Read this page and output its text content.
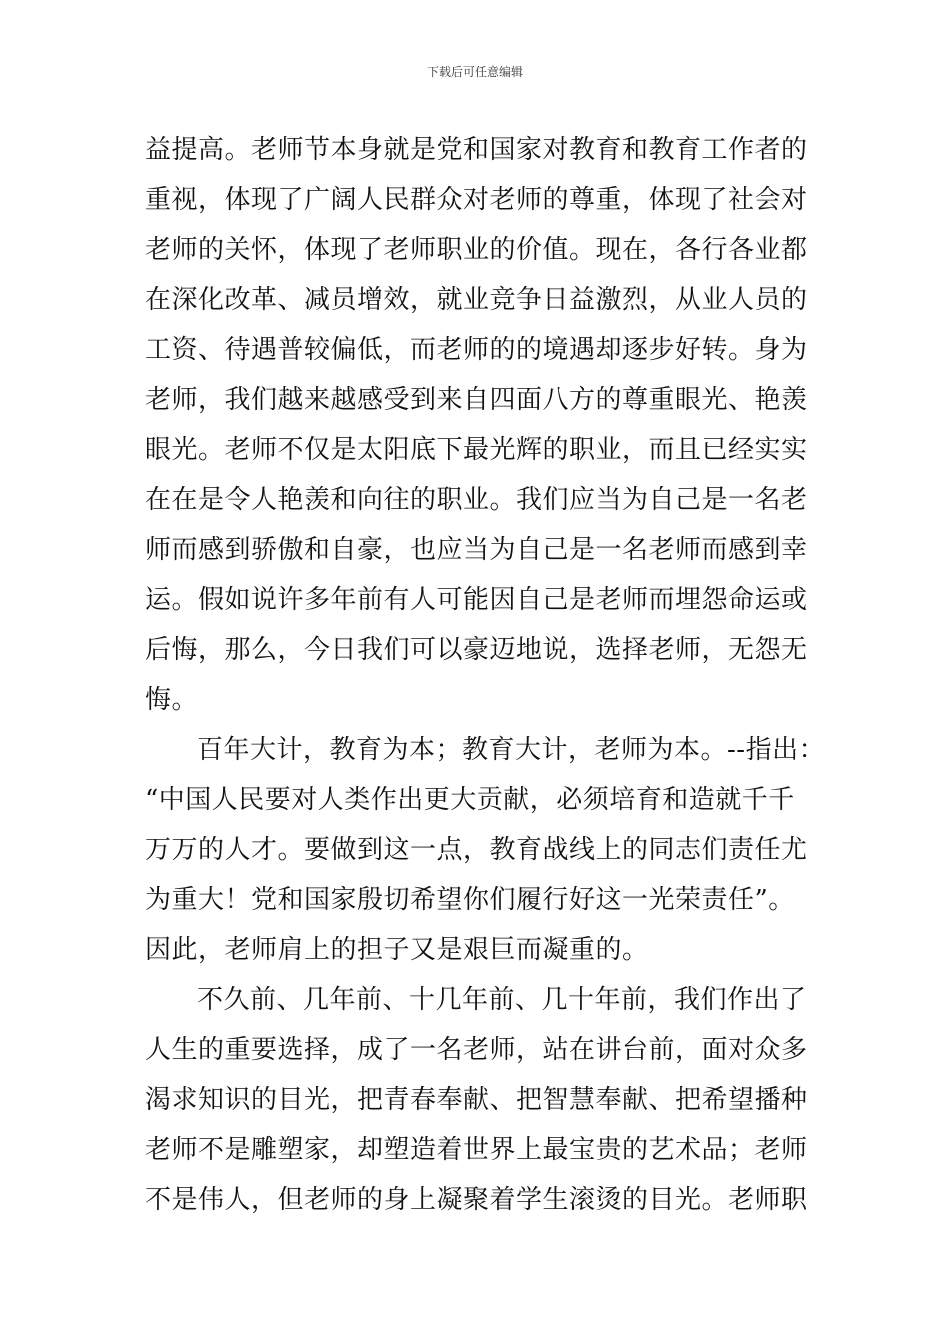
下载后可任意编辑

益提高。老师节本身就是党和国家对教育和教育工作者的
重视，体现了广阔人民群众对老师的尊重，体现了社会对
老师的关怀，体现了老师职业的价值。现在，各行各业都
在深化改革、减员增效，就业竞争日益激烈，从业人员的
工资、待遇普较偏低，而老师的的境遇却逐步好转。身为
老师，我们越来越感受到来自四面八方的尊重眼光、艳羡
眼光。老师不仅是太阳底下最光辉的职业，而且已经实实
在在是令人艳羡和向往的职业。我们应当为自己是一名老
师而感到骄傲和自豪，也应当为自己是一名老师而感到幸
运。假如说许多年前有人可能因自己是老师而埋怨命运或
后悔，那么，今日我们可以豪迈地说，选择老师，无怨无
悔。

百年大计，教育为本；教育大计，老师为本。--指出：
“中国人民要对人类作出更大贡献，必须培育和造就千千
万万的人才。要做到这一点，教育战线上的同志们责任尤
为重大！党和国家殷切希望你们履行好这一光荣责任”。
因此，老师肩上的担子又是艰巨而凝重的。

不久前、几年前、十几年前、几十年前，我们作出了
人生的重要选择，成了一名老师，站在讲台前，面对众多
渴求知识的目光，把青春奉献、把智慧奉献、把希望播种
老师不是雕塑家，却塑造着世界上最宝贵的艺术品；老师
不是伟人，但老师的身上凝聚着学生滚烫的目光。老师职
